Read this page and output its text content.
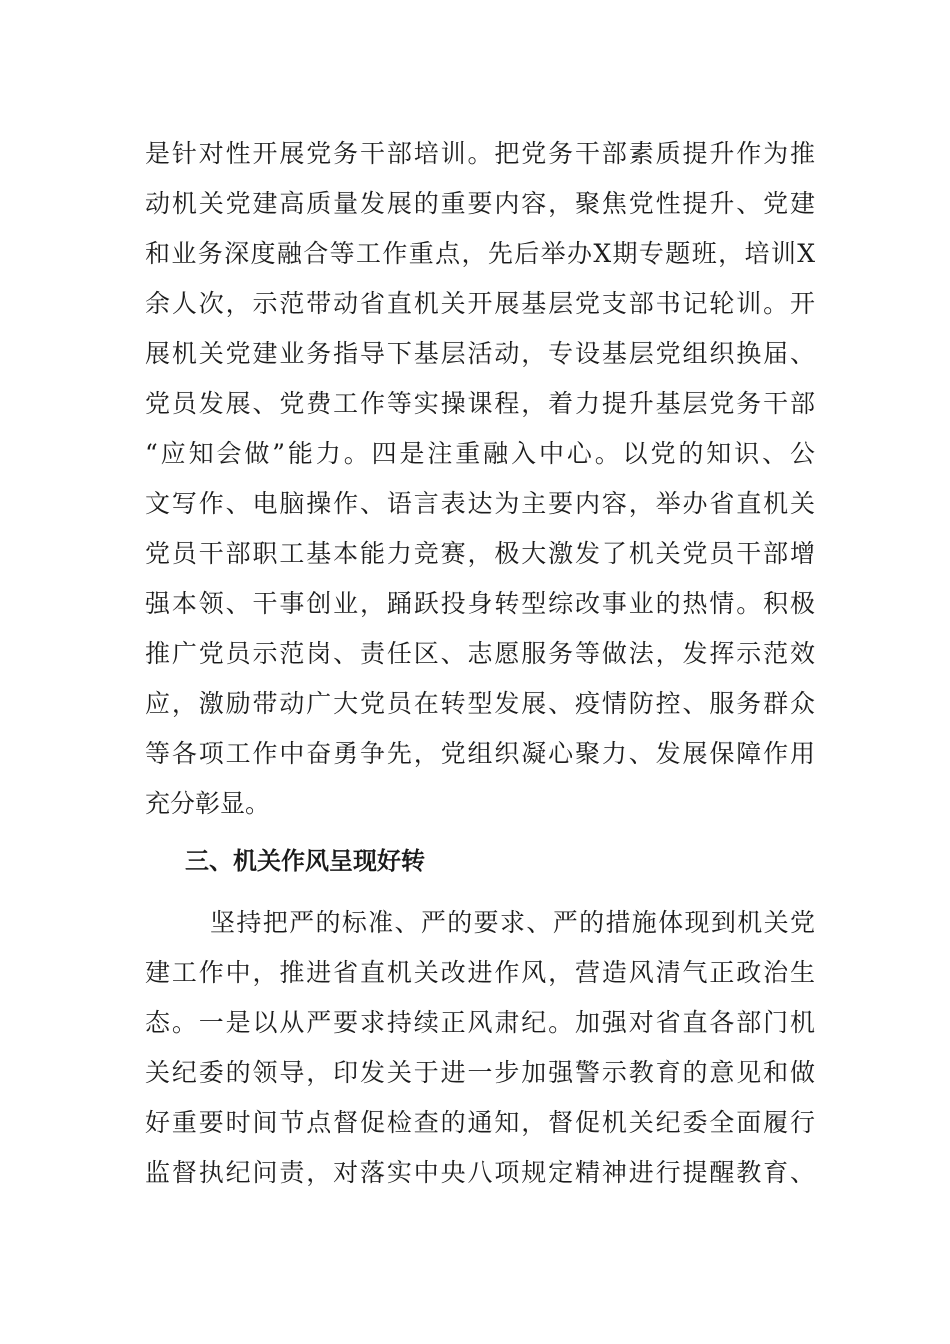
是针对性开展党务干部培训。把党务干部素质提升作为推
动机关党建高质量发展的重要内容，聚焦党性提升、党建
和业务深度融合等工作重点，先后举办X期专题班，培训X
余人次，示范带动省直机关开展基层党支部书记轮训。开
展机关党建业务指导下基层活动，专设基层党组织换届、
党员发展、党费工作等实操课程，着力提升基层党务干部
“应知会做”能力。四是注重融入中心。以党的知识、公
文写作、电脑操作、语言表达为主要内容，举办省直机关
党员干部职工基本能力竞赛，极大激发了机关党员干部增
强本领、干事创业，踊跃投身转型综改事业的热情。积极
推广党员示范岗、责任区、志愿服务等做法，发挥示范效
应，激励带动广大党员在转型发展、疫情防控、服务群众
等各项工作中奋勇争先，党组织凝心聚力、发展保障作用
充分彰显。
三、机关作风呈现好转
坚持把严的标准、严的要求、严的措施体现到机关党
建工作中，推进省直机关改进作风，营造风清气正政治生
态。一是以从严要求持续正风肃纪。加强对省直各部门机
关纪委的领导，印发关于进一步加强警示教育的意见和做
好重要时间节点督促检查的通知，督促机关纪委全面履行
监督执纪问责，对落实中央八项规定精神进行提醒教育、
